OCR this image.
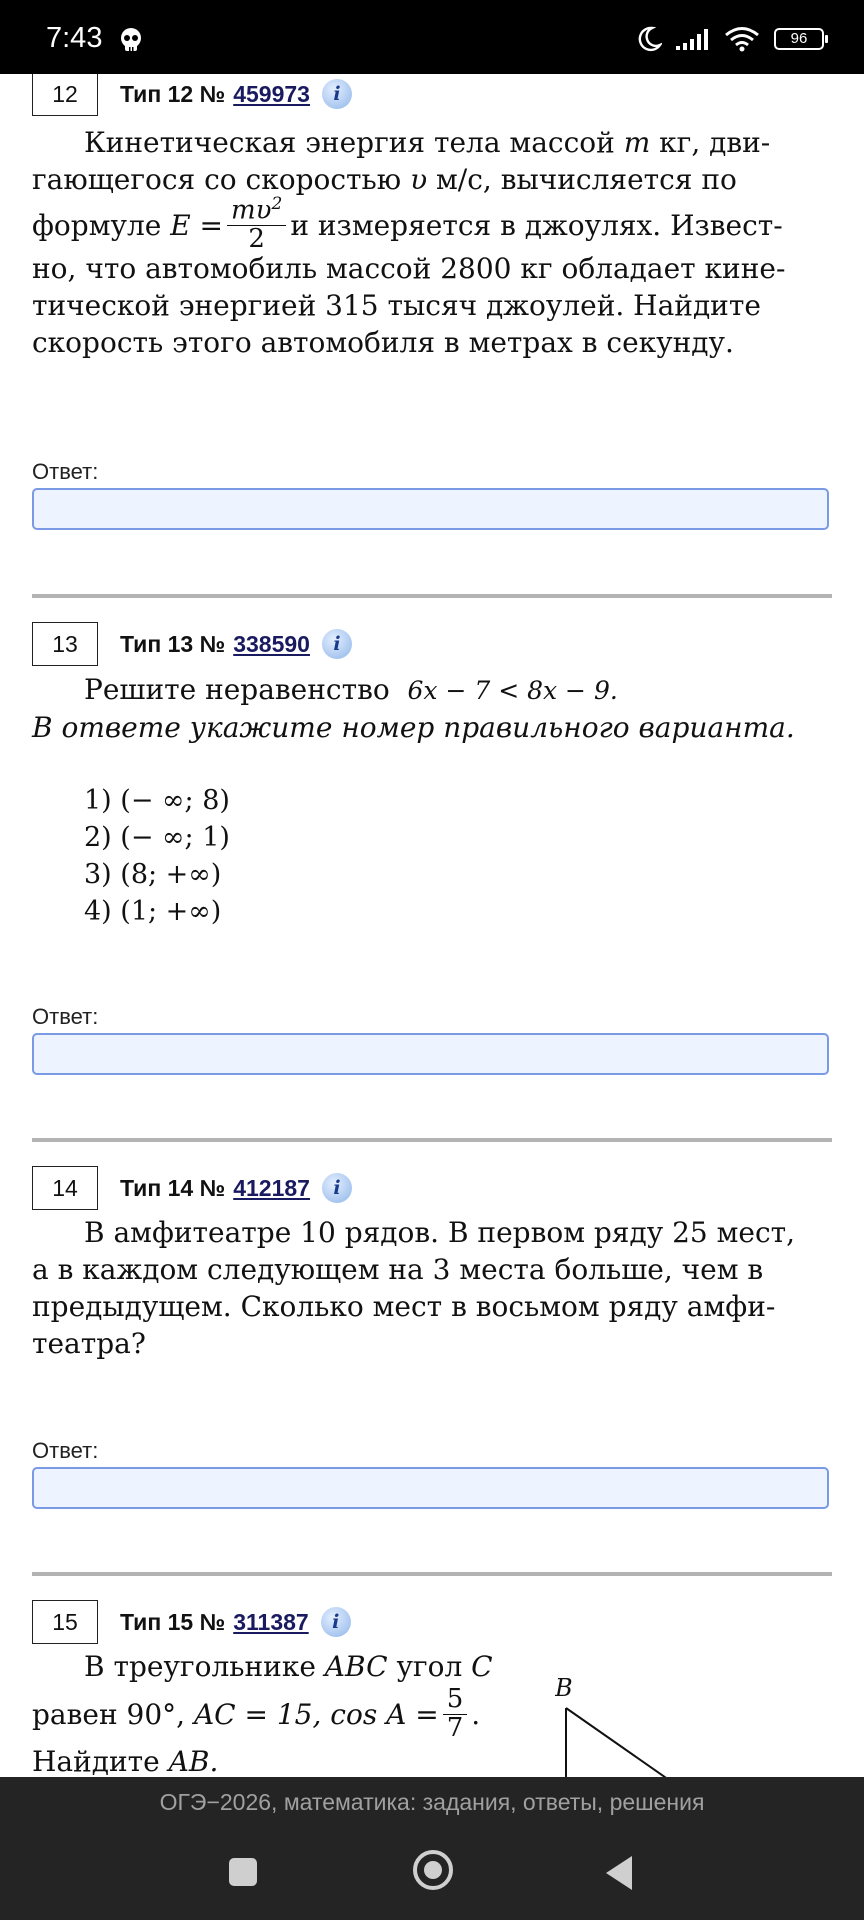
7:43	96
12	Тип 12 № 459973	i
Кинетическая энергия тела массой m кг, дви-
гающегося со скоростью υ м/с, вычисляется по
формуле
$E = \frac{m\upsilon^2}{2}$ и измеряется в джоулях. Извест-
но, что автомобиль массой 2800 кг обладает кине-
тической энергией 315 тысяч джоулей. Найдите
скорость этого автомобиля в метрах в секунду.
Ответ:
13	Тип 13 № 338590	i
Решите неравенство 6x − 7 < 8x − 9.
В ответе укажите номер правильного варианта.
1) (− ∞; 8)
2) (− ∞; 1)
3) (8; +∞)
4) (1; +∞)
Ответ:
14	Тип 14 № 412187	i
В амфитеатре 10 рядов. В первом ряду 25 мест,
а в каждом следующем на 3 места больше, чем в
предыдущем. Сколько мест в восьмом ряду амфи-
театра?
Ответ:
15	Тип 15 № 311387	i
В треугольнике ABC угол C
равен 90°,
AC = 15, $\cos A = \frac{5}{7}$ .
Найдите AB.
B
ОГЭ−2026, математика: задания, ответы, решения
